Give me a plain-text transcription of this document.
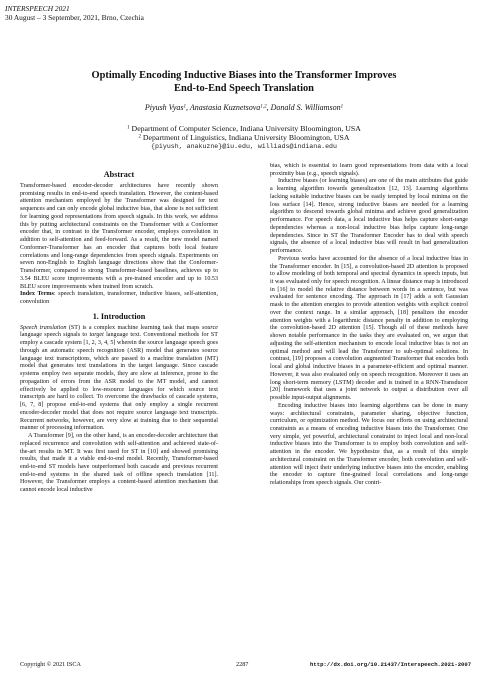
INTERSPEECH 2021
30 August – 3 September, 2021, Brno, Czechia
Optimally Encoding Inductive Biases into the Transformer Improves
End-to-End Speech Translation
Piyush Vyas$^1$, Anastasia Kuznetsova$^{1,2}$, Donald S. Williamson$^1$
$^1$ Department of Computer Science, Indiana University Bloomington, USA
$^2$ Department of Linguistics, Indiana University Bloomington, USA
{piyush, anakuzne}@iu.edu, williads@indiana.edu
Abstract

Transformer-based encoder-decoder architectures have recently shown promising results in end-to-end speech translation. However, the content-based attention mechanism employed by the Transformer was designed for text sequences and can only encode global inductive bias, that alone is not sufficient for learning good representations from speech signals. In this work, we address this by putting architectural constraints on the Transformer with a Conformer encoder that, in contrast to the Transformer encoder, employs convolution in addition to self-attention and feed-forward. As a result, the new model named Conformer-Transformer has an encoder that captures both local feature correlations and long-range dependencies from speech signals. Experiments on seven non-English to English language directions show that the Conformer-Transformer, compared to strong Transformer-based baselines, achieves up to 3.54 BLEU score improvements with a pre-trained encoder and up to 10.53 BLEU score improvements when trained from scratch.

Index Terms: speech translation, transformer, inductive biases, self-attention, convolution

1. Introduction

Speech translation (ST) is a complex machine learning task that maps source language speech signals to target language text. Conventional methods for ST employ a cascade system [1, 2, 3, 4, 5] wherein the source language speech goes through an automatic speech recognition (ASR) model that generates source language text transcriptions, which are passed to a machine translation (MT) model that generates text translations in the target language. Since cascade systems employ two separate models, they are slow at inference, prone to the propagation of errors from the ASR model to the MT model, and cannot effectively be applied to low-resource languages for which source text transcripts are hard to collect. To overcome the drawbacks of cascade systems, [6, 7, 8] propose end-to-end systems that only employ a single recurrent encoder-decoder model that does not require source language text transcripts. Recurrent networks, however, are very slow at training due to their sequential manner of processing information.

A Transformer [9], on the other hand, is an encoder-decoder architecture that replaced recurrence and convolution with self-attention and achieved state-of-the-art results in MT. It was first used for ST in [10] and showed promising results, that made it a viable end-to-end model. Recently, Transformer-based end-to-end ST models have outperformed both cascade and previous recurrent end-to-end systems in the shared task of offline speech translation [11]. However, the Transformer employs a content-based attention mechanism that cannot encode local inductive

bias, which is essential to learn good representations from data with a local proximity bias (e.g., speech signals).

Inductive biases (or learning biases) are one of the main attributes that guide a learning algorithm towards generalization [12, 13]. Learning algorithms lacking suitable inductive biases can be easily tempted by local minima on the loss surface [14]. Hence, strong inductive biases are needed for a learning algorithm to descend towards global minima and achieve good generalization performance. For speech data, a local inductive bias helps capture short-range dependencies whereas a non-local inductive bias helps capture long-range dependencies. Since in ST the Transformer Encoder has to deal with speech signals, the absence of a local inductive bias will result in bad generalization performance.

Previous works have accounted for the absence of a local inductive bias in the Transformer encoder. In [15], a convolution-based 2D attention is proposed to allow modeling of both temporal and spectral dynamics in speech inputs, but it was evaluated only for speech recognition. A linear distance map is introduced in [16] to model the relative distance between words in a sentence, but was evaluated for sentence encoding. The approach in [17] adds a soft Gaussian mask to the attention energies to provide attention weights with explicit control over the context range. In a similar approach, [18] penalizes the encoder attention weights with a logarithmic distance penalty in addition to employing the convolution-based 2D attention [15]. Though all of these methods have shown notable performance in the tasks they are evaluated on, we argue that adjusting the self-attention mechanism to encode local inductive bias is not an optimal method and will lead the Transformer to sub-optimal solutions. In contrast, [19] proposes a convolution augmented Transformer that encodes both local and global inductive biases in a parameter-efficient and optimal manner. However, it was also evaluated only on speech recognition. Moreover it uses an long short-term memory (LSTM) decoder and is trained in a RNN-Transducer [20] framework that uses a joint network to output a distribution over all possible input-output alignments.

Encoding inductive biases into learning algorithms can be done in many ways: architectural constraints, parameter sharing, objective function, curriculum, or optimization method. We focus our efforts on using architectural constraints as a means of encoding inductive biases into the Transformer. One very simple, yet powerful, architectural constraint to inject local and non-local inductive biases into the Transformer is to employ both convolution and self-attention in the encoder. We hypothesize that, as a result of this simple architectural constraint on the Transformer encoder, both convolution and self-attention will inject their underlying inductive biases into the encoder, enabling the encoder to capture fine-grained local correlations and long-range relationships from speech signals. Our contri-

Copyright © 2021 ISCA	2287	http://dx.doi.org/10.21437/Interspeech.2021-2007
